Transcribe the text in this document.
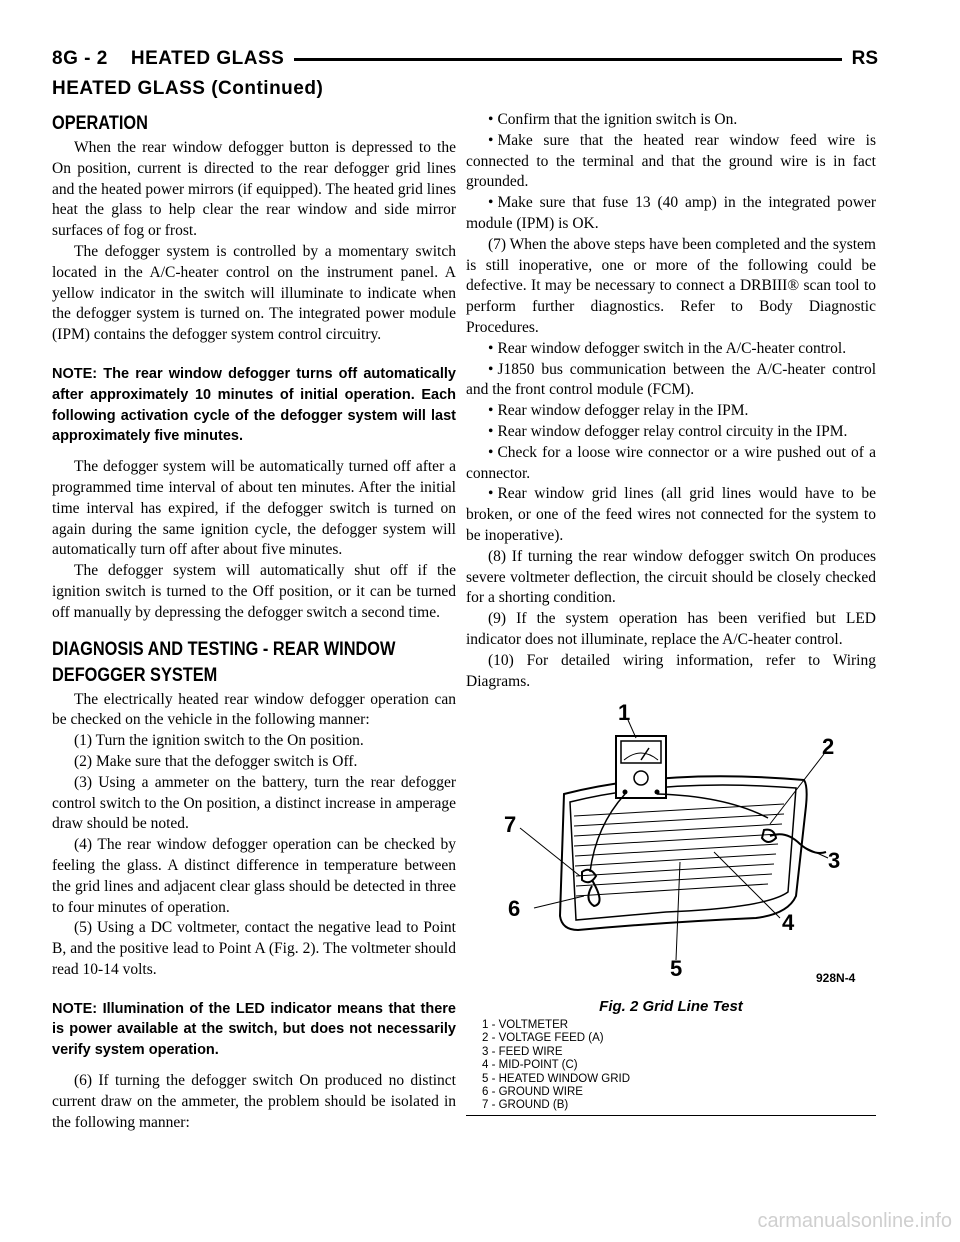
8G - 2    HEATED GLASS	RS
HEATED GLASS (Continued)
OPERATION

When the rear window defogger button is depressed to the On position, current is directed to the rear defogger grid lines and the heated power mirrors (if equipped). The heated grid lines heat the glass to help clear the rear window and side mirror surfaces of fog or frost.

The defogger system is controlled by a momentary switch located in the A/C-heater control on the instrument panel. A yellow indicator in the switch will illuminate to indicate when the defogger system is turned on. The integrated power module (IPM) contains the defogger system control circuitry.

NOTE: The rear window defogger turns off automatically after approximately 10 minutes of initial operation. Each following activation cycle of the defogger system will last approximately five minutes.

The defogger system will be automatically turned off after a programmed time interval of about ten minutes. After the initial time interval has expired, if the defogger switch is turned on again during the same ignition cycle, the defogger system will automatically turn off after about five minutes.

The defogger system will automatically shut off if the ignition switch is turned to the Off position, or it can be turned off manually by depressing the defogger switch a second time.

DIAGNOSIS AND TESTING - REAR WINDOW
DEFOGGER SYSTEM

The electrically heated rear window defogger operation can be checked on the vehicle in the following manner:

(1) Turn the ignition switch to the On position.

(2) Make sure that the defogger switch is Off.

(3) Using a ammeter on the battery, turn the rear defogger control switch to the On position, a distinct increase in amperage draw should be noted.

(4) The rear window defogger operation can be checked by feeling the glass. A distinct difference in temperature between the grid lines and adjacent clear glass should be detected in three to four minutes of operation.

(5) Using a DC voltmeter, contact the negative lead to Point B, and the positive lead to Point A (Fig. 2). The voltmeter should read 10-14 volts.

NOTE: Illumination of the LED indicator means that there is power available at the switch, but does not necessarily verify system operation.

(6) If turning the defogger switch On produced no distinct current draw on the ammeter, the problem should be isolated in the following manner:

• Confirm that the ignition switch is On.

• Make sure that the heated rear window feed wire is connected to the terminal and that the ground wire is in fact grounded.

• Make sure that fuse 13 (40 amp) in the integrated power module (IPM) is OK.

(7) When the above steps have been completed and the system is still inoperative, one or more of the following could be defective. It may be necessary to connect a DRBIII® scan tool to perform further diagnostics. Refer to Body Diagnostic Procedures.

• Rear window defogger switch in the A/C-heater control.

• J1850 bus communication between the A/C-heater control and the front control module (FCM).

• Rear window defogger relay in the IPM.

• Rear window defogger relay control circuity in the IPM.

• Check for a loose wire connector or a wire pushed out of a connector.

• Rear window grid lines (all grid lines would have to be broken, or one of the feed wires not connected for the system to be inoperative).

(8) If turning the rear window defogger switch On produces severe voltmeter deflection, the circuit should be closely checked for a shorting condition.

(9) If the system operation has been verified but LED indicator does not illuminate, replace the A/C-heater control.

(10) For detailed wiring information, refer to Wiring Diagrams.

1
2
3
4
5
6
7
928N-4
Fig. 2 Grid Line Test
1 - VOLTMETER
2 - VOLTAGE FEED (A)
3 - FEED WIRE
4 - MID-POINT (C)
5 - HEATED WINDOW GRID
6 - GROUND WIRE
7 - GROUND (B)
carmanualsonline.info
